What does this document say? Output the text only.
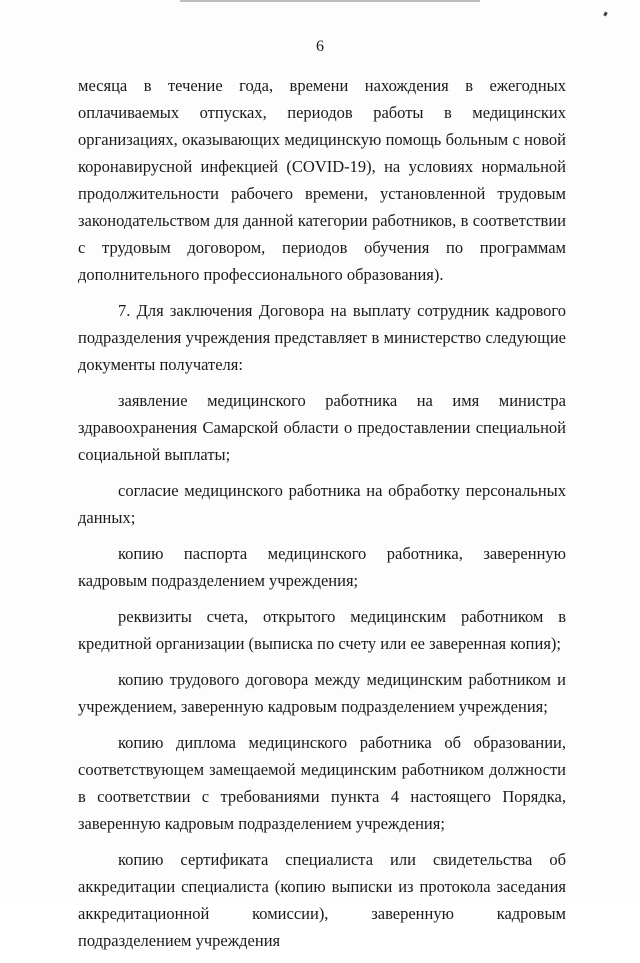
6

месяца в течение года, времени нахождения в ежегодных оплачиваемых отпусках, периодов работы в медицинских организациях, оказывающих медицинскую помощь больным с новой коронавирусной инфекцией (COVID-19), на условиях нормальной продолжительности рабочего времени, установленной трудовым законодательством для данной категории работников, в соответствии с трудовым договором, периодов обучения по программам дополнительного профессионального образования).

7. Для заключения Договора на выплату сотрудник кадрового подразделения учреждения представляет в министерство следующие документы получателя:

заявление медицинского работника на имя министра здравоохранения Самарской области о предоставлении специальной социальной выплаты;

согласие медицинского работника на обработку персональных данных;

копию паспорта медицинского работника, заверенную кадровым подразделением учреждения;

реквизиты счета, открытого медицинским работником в кредитной организации (выписка по счету или ее заверенная копия);

копию трудового договора между медицинским работником и учреждением, заверенную кадровым подразделением учреждения;

копию диплома медицинского работника об образовании, соответствующем замещаемой медицинским работником должности в соответствии с требованиями пункта 4 настоящего Порядка, заверенную кадровым подразделением учреждения;

копию сертификата специалиста или свидетельства об аккредитации специалиста (копию выписки из протокола заседания аккредитационной комиссии), заверенную кадровым подразделением учреждения
